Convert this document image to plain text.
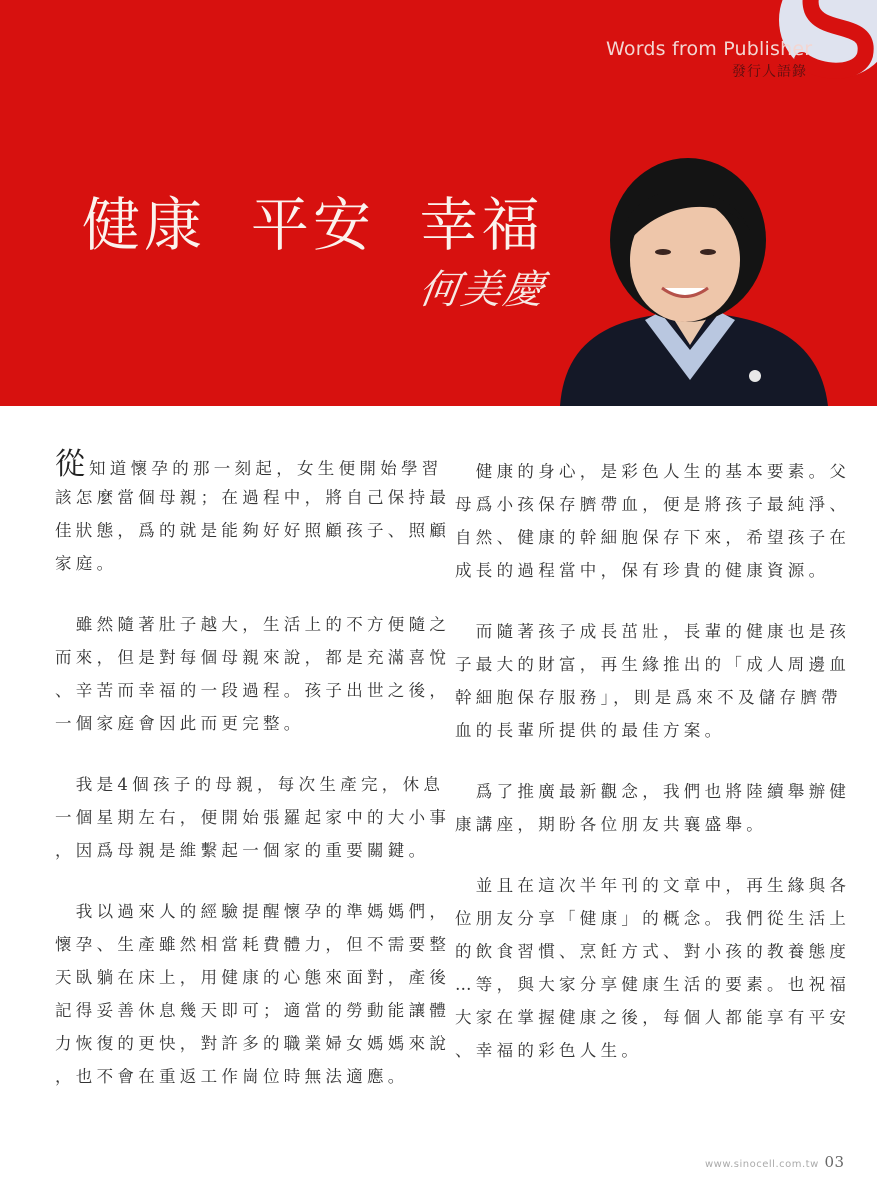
Words from Publisher
發行人語錄
健康  平安  幸福
何美慶

從知道懷孕的那一刻起，女生便開始學習
該怎麼當個母親；在過程中，將自己保持最
佳狀態，爲的就是能夠好好照顧孩子、照顧
家庭。

　雖然隨著肚子越大，生活上的不方便隨之
而來，但是對每個母親來說，都是充滿喜悅
、辛苦而幸福的一段過程。孩子出世之後，
一個家庭會因此而更完整。

　我是4個孩子的母親，每次生產完，休息
一個星期左右，便開始張羅起家中的大小事
，因爲母親是維繫起一個家的重要關鍵。

　我以過來人的經驗提醒懷孕的準媽媽們，
懷孕、生產雖然相當耗費體力，但不需要整
天臥躺在床上，用健康的心態來面對，產後
記得妥善休息幾天即可；適當的勞動能讓體
力恢復的更快，對許多的職業婦女媽媽來說
，也不會在重返工作崗位時無法適應。

　健康的身心，是彩色人生的基本要素。父
母爲小孩保存臍帶血，便是將孩子最純淨、
自然、健康的幹細胞保存下來，希望孩子在
成長的過程當中，保有珍貴的健康資源。

　而隨著孩子成長茁壯，長輩的健康也是孩
子最大的財富，再生緣推出的「成人周邊血
幹細胞保存服務」，則是爲來不及儲存臍帶
血的長輩所提供的最佳方案。

　爲了推廣最新觀念，我們也將陸續舉辦健
康講座，期盼各位朋友共襄盛舉。

　並且在這次半年刊的文章中，再生緣與各
位朋友分享「健康」的概念。我們從生活上
的飲食習慣、烹飪方式、對小孩的教養態度
…等，與大家分享健康生活的要素。也祝福
大家在掌握健康之後，每個人都能享有平安
、幸福的彩色人生。

www.sinocell.com.tw 03
